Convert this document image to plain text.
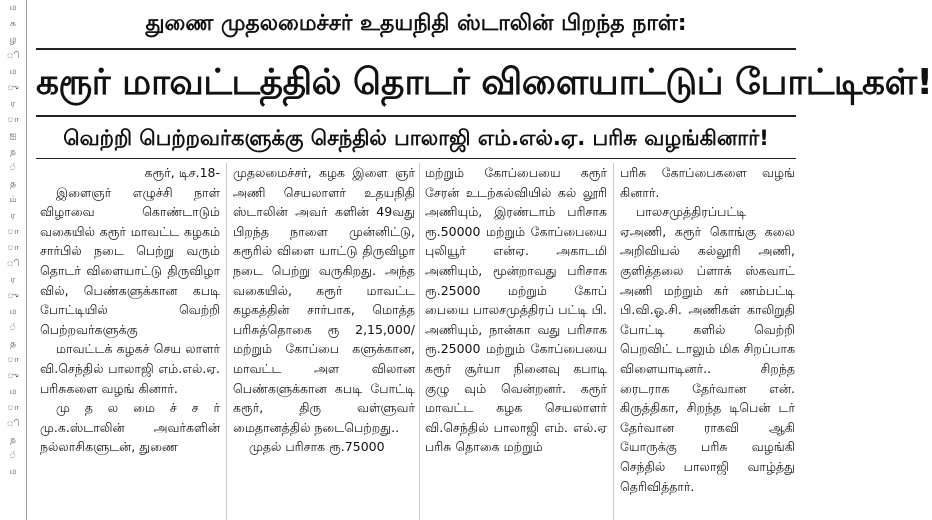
ம
க
ழ
ி
ம
ு
ர
ா
ஐ
ந
்
த
ம்
ர
ா
ா
ி
ர
ு
ம
்
த
ா
ு
ம
ா
ி
ந
்
ம
துணை முதலமைச்சர் உதயநிதி ஸ்டாலின் பிறந்த நாள்:
கரூர் மாவட்டத்தில் தொடர் விளையாட்டுப் போட்டிகள்!
வெற்றி பெற்றவர்களுக்கு செந்தில் பாலாஜி எம்.எல்.ஏ. பரிசு வழங்கினார்!

கரூர், டிச.18-

இளைஞர் எழுச்சி நாள் விழாவை கொண்டாடும் வகையில் கரூர் மாவட்ட கழகம் சார்பில் நடை பெற்று வரும் தொடர் விளையாட்டு திருவிழா வில், பெண்களுக்கான கபடி போட்டியில் வெற்றி பெற்றவர்களுக்கு

மாவட்டக் கழகச் செய லாளர் வி.செந்தில் பாலாஜி எம்.எல்.ஏ. பரிசுகளை வழங் கினார்.

மு த ல மை ச் ச ர் மு.க.ஸ்டாலின் அவர்களின் நல்லாசிகளுடன், துணை

முதலமைச்சர், கழக இளை ஞர் அணி செயலாளர் உதயநிதி ஸ்டாலின் அவர் களின் 49வது பிறந்த நாளை முன்னிட்டு, கரூரில் விளை யாட்டு திருவிழா நடை பெற்று வருகிறது. அந்த வகையில், கரூர் மாவட்ட கழகத்தின் சார்பாக, மொத்த பரிசுத்தொகை ரூ 2,15,000/ மற்றும் கோப்பை களுக்கான, மாவட்ட அள விலான பெண்களுக்கான கபடி போட்டி கரூர், திரு வள்ளுவர் மைதானத்தில் நடைபெற்றது..

முதல் பரிசாக ரூ.75000

மற்றும் கோப்பையை கரூர் சேரன் உடற்கல்வியில் கல் லூரி அணியும், இரண்டாம் பரிசாக ரூ.50000 மற்றும் கோப்பையை புலியூர் என்ஏ. அகாடமி அணியும், மூன்றாவது பரிசாக ரூ.25000 மற்றும் கோப் பையை பாலசமுத்திரப் பட்டி பி. அணியும், நான்கா வது பரிசாக ரூ.25000 மற்றும் கோப்பையை கரூர் சூர்யா நினைவு கபாடி குழு வும் வென்றனர். கரூர் மாவட்ட கழக செயலாளர் வி.செந்தில் பாலாஜி எம். எல்.ஏ பரிசு தொகை மற்றும்

பரிசு கோப்பைகளை வழங் கினார்.

பாலசமுத்திரப்பட்டி ஏஅணி, கரூர் கொங்கு கலை அறிவியல் கல்லூரி அணி, குளித்தலை ப்ளாக் ஸ்கவாட் அணி மற்றும் கர் ணம்பட்டி பி.வி.ஓ.சி. அணிகள் காலிறுதி போட்டி களில் வெற்றி பெறவிட் டாலும் மிக சிறப்பாக விளையாடினர்.. சிறந்த ரைடராக தேர்வான என். கிருத்திகா, சிறந்த டிபென் டர் தேர்வான ராகவி ஆகி யோருக்கு பரிசு வழங்கி செந்தில் பாலாஜி வாழ்த்து தெரிவித்தார்.
